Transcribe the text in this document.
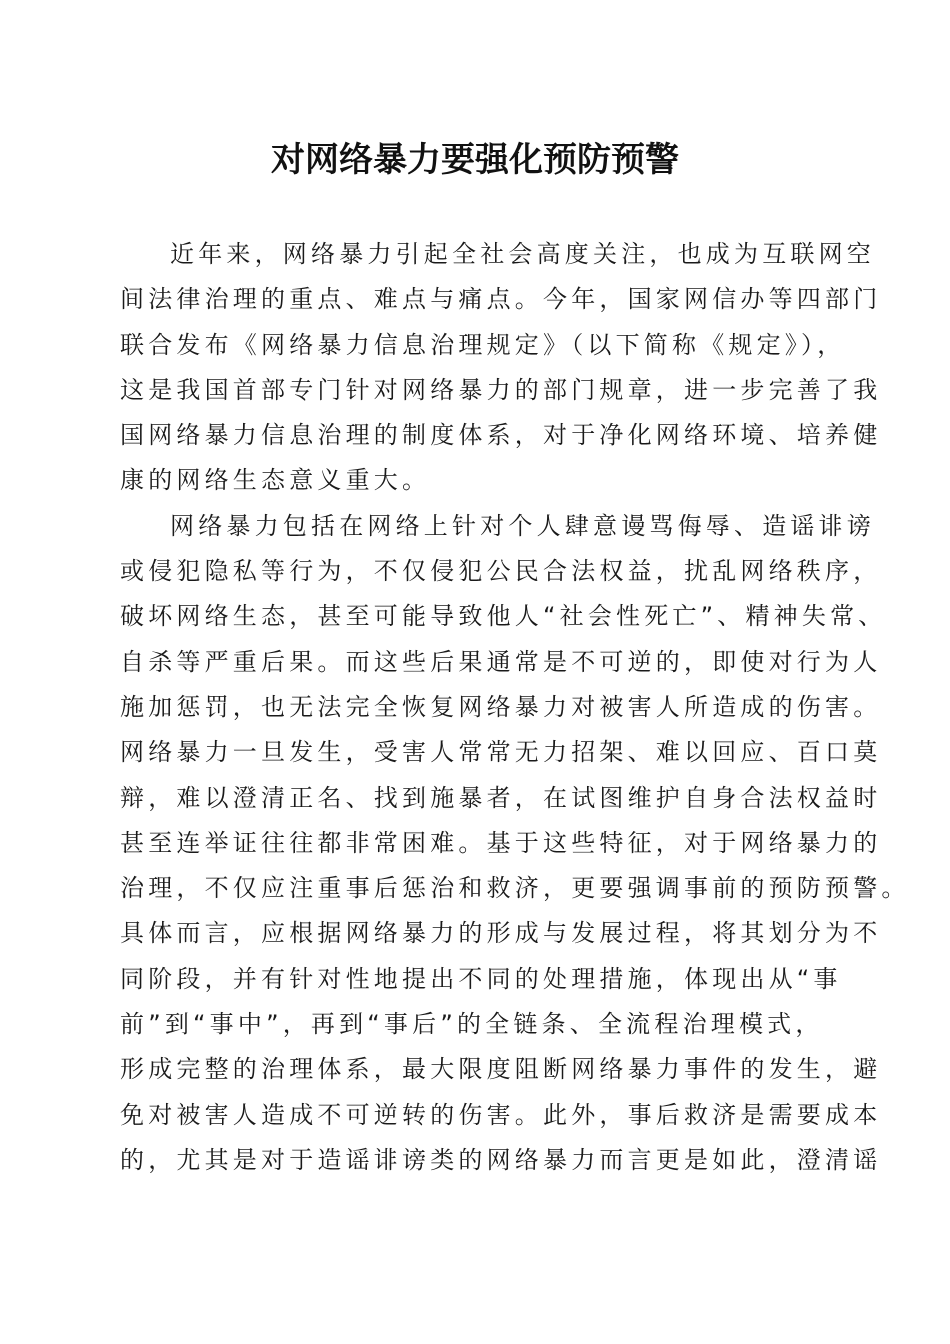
对网络暴力要强化预防预警
近年来，网络暴力引起全社会高度关注，也成为互联网空
间法律治理的重点、难点与痛点。今年，国家网信办等四部门
联合发布《网络暴力信息治理规定》（以下简称《规定》），
这是我国首部专门针对网络暴力的部门规章，进一步完善了我
国网络暴力信息治理的制度体系，对于净化网络环境、培养健
康的网络生态意义重大。
网络暴力包括在网络上针对个人肆意谩骂侮辱、造谣诽谤
或侵犯隐私等行为，不仅侵犯公民合法权益，扰乱网络秩序，
破坏网络生态，甚至可能导致他人“社会性死亡”、精神失常、
自杀等严重后果。而这些后果通常是不可逆的，即使对行为人
施加惩罚，也无法完全恢复网络暴力对被害人所造成的伤害。
网络暴力一旦发生，受害人常常无力招架、难以回应、百口莫
辩，难以澄清正名、找到施暴者，在试图维护自身合法权益时
甚至连举证往往都非常困难。基于这些特征，对于网络暴力的
治理，不仅应注重事后惩治和救济，更要强调事前的预防预警。
具体而言，应根据网络暴力的形成与发展过程，将其划分为不
同阶段，并有针对性地提出不同的处理措施，体现出从“事
前”到“事中”，再到“事后”的全链条、全流程治理模式，
形成完整的治理体系，最大限度阻断网络暴力事件的发生，避
免对被害人造成不可逆转的伤害。此外，事后救济是需要成本
的，尤其是对于造谣诽谤类的网络暴力而言更是如此，澄清谣
